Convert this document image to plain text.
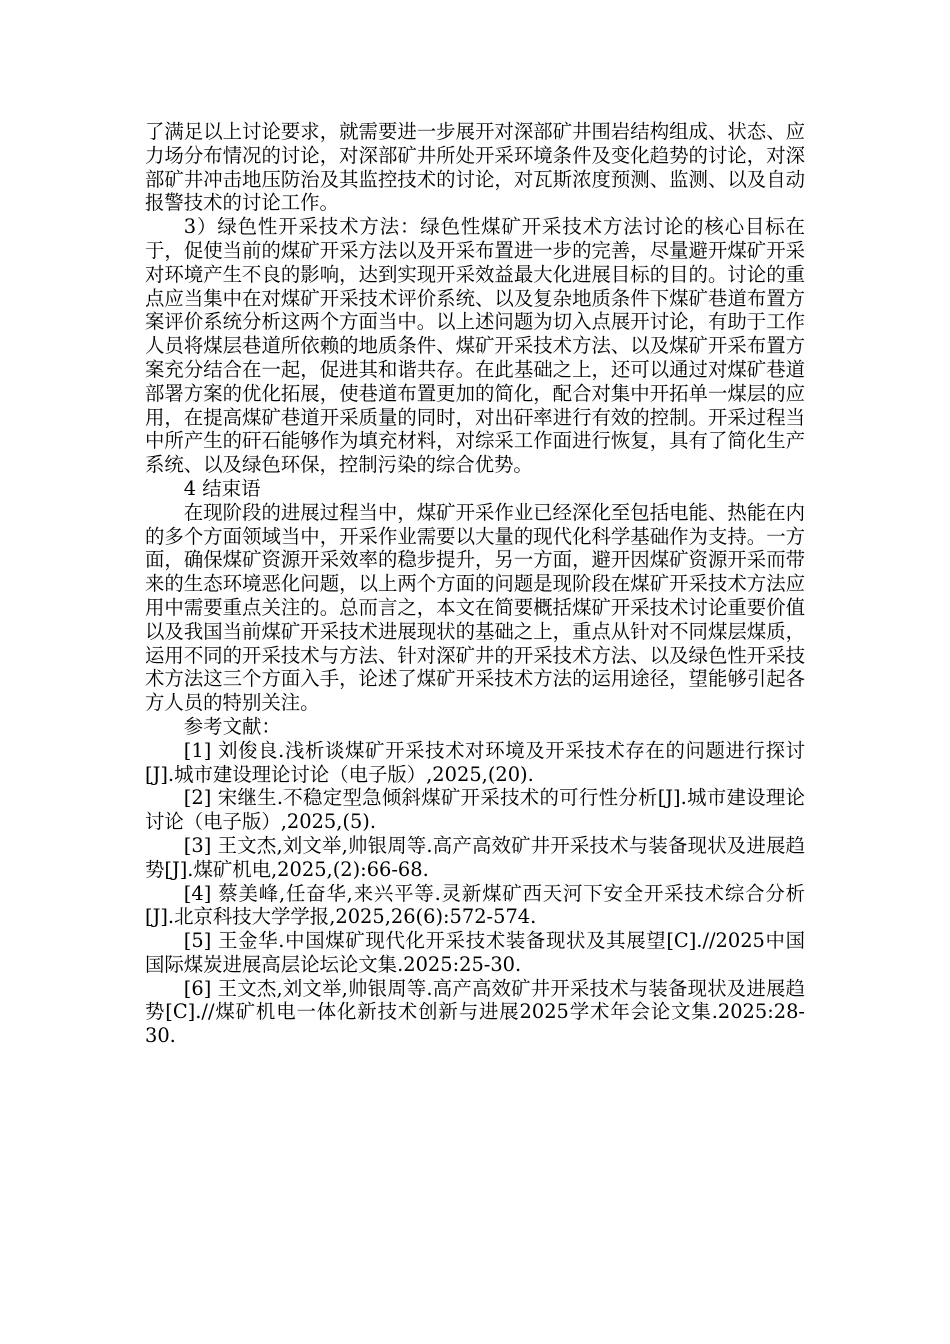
了满足以上讨论要求，就需要进一步展开对深部矿井围岩结构组成、状态、应力场分布情况的讨论，对深部矿井所处开采环境条件及变化趋势的讨论，对深部矿井冲击地压防治及其监控技术的讨论，对瓦斯浓度预测、监测、以及自动报警技术的讨论工作。

3）绿色性开采技术方法：绿色性煤矿开采技术方法讨论的核心目标在于，促使当前的煤矿开采方法以及开采布置进一步的完善，尽量避开煤矿开采对环境产生不良的影响，达到实现开采效益最大化进展目标的目的。讨论的重点应当集中在对煤矿开采技术评价系统、以及复杂地质条件下煤矿巷道布置方案评价系统分析这两个方面当中。以上述问题为切入点展开讨论，有助于工作人员将煤层巷道所依赖的地质条件、煤矿开采技术方法、以及煤矿开采布置方案充分结合在一起，促进其和谐共存。在此基础之上，还可以通过对煤矿巷道部署方案的优化拓展，使巷道布置更加的简化，配合对集中开拓单一煤层的应用，在提高煤矿巷道开采质量的同时，对出矸率进行有效的控制。开采过程当中所产生的矸石能够作为填充材料，对综采工作面进行恢复，具有了简化生产系统、以及绿色环保，控制污染的综合优势。

4 结束语

在现阶段的进展过程当中，煤矿开采作业已经深化至包括电能、热能在内的多个方面领域当中，开采作业需要以大量的现代化科学基础作为支持。一方面，确保煤矿资源开采效率的稳步提升，另一方面，避开因煤矿资源开采而带来的生态环境恶化问题，以上两个方面的问题是现阶段在煤矿开采技术方法应用中需要重点关注的。总而言之，本文在简要概括煤矿开采技术讨论重要价值以及我国当前煤矿开采技术进展现状的基础之上，重点从针对不同煤层煤质，运用不同的开采技术与方法、针对深矿井的开采技术方法、以及绿色性开采技术方法这三个方面入手，论述了煤矿开采技术方法的运用途径，望能够引起各方人员的特别关注。

参考文献：

[1] 刘俊良.浅析谈煤矿开采技术对环境及开采技术存在的问题进行探讨[J].城市建设理论讨论（电子版）,2025,(20).

[2] 宋继生.不稳定型急倾斜煤矿开采技术的可行性分析[J].城市建设理论讨论（电子版）,2025,(5).

[3] 王文杰,刘文举,帅银周等.高产高效矿井开采技术与装备现状及进展趋势[J].煤矿机电,2025,(2):66-68.

[4] 蔡美峰,任奋华,来兴平等.灵新煤矿西天河下安全开采技术综合分析[J].北京科技大学学报,2025,26(6):572-574.

[5] 王金华.中国煤矿现代化开采技术装备现状及其展望[C].//2025中国国际煤炭进展高层论坛论文集.2025:25-30.

[6] 王文杰,刘文举,帅银周等.高产高效矿井开采技术与装备现状及进展趋势[C].//煤矿机电一体化新技术创新与进展2025学术年会论文集.2025:28-30.
